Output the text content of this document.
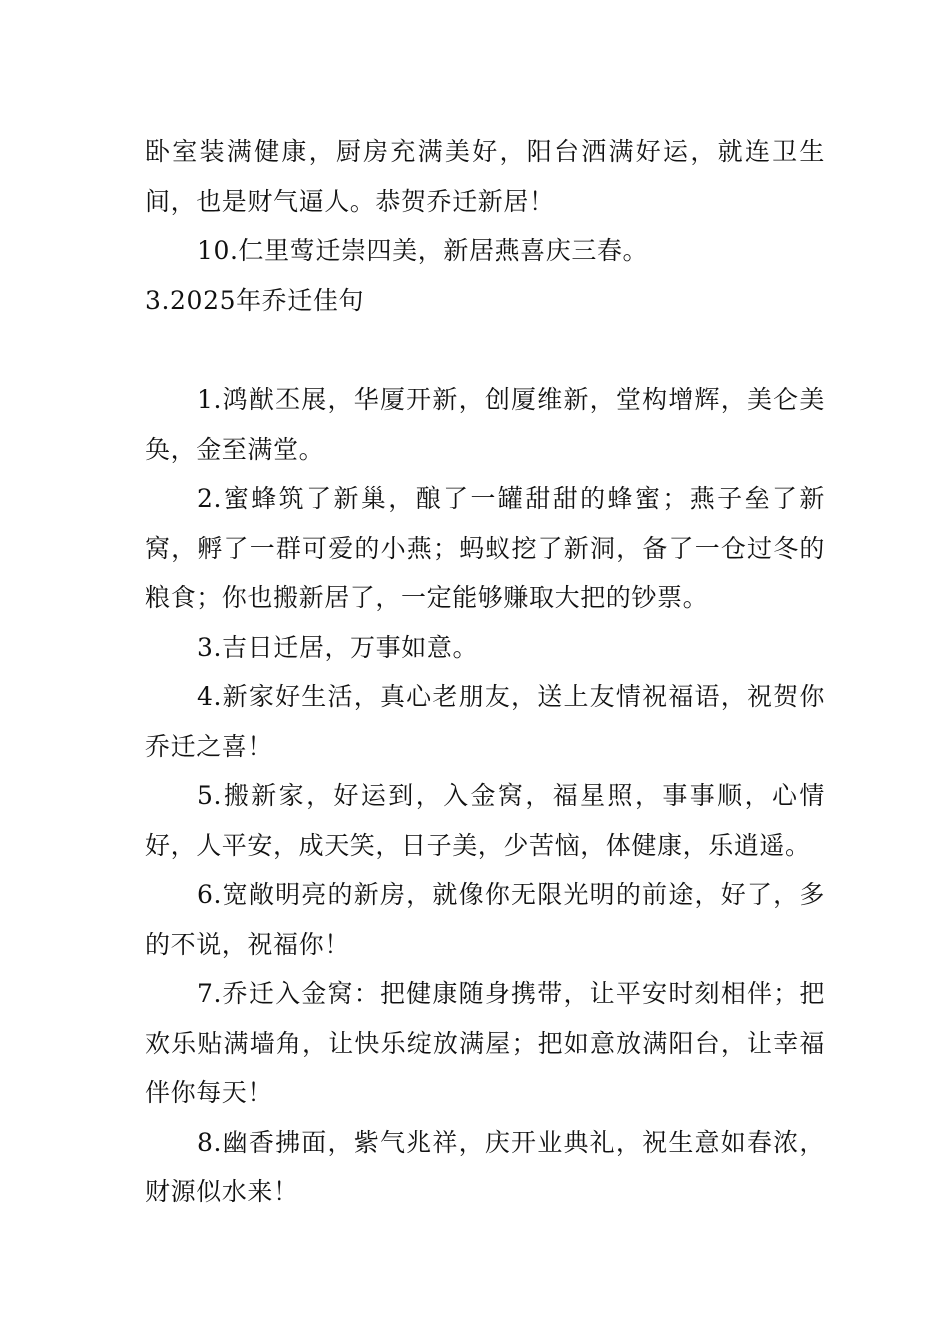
卧室装满健康，厨房充满美好，阳台洒满好运，就连卫生间，也是财气逼人。恭贺乔迁新居！

10.仁里莺迁崇四美，新居燕喜庆三春。

3.2025年乔迁佳句

1.鸿猷丕展，华厦开新，创厦维新，堂构增辉，美仑美奂，金至满堂。

2.蜜蜂筑了新巢，酿了一罐甜甜的蜂蜜；燕子垒了新窝，孵了一群可爱的小燕；蚂蚁挖了新洞，备了一仓过冬的粮食；你也搬新居了，一定能够赚取大把的钞票。

3.吉日迁居，万事如意。

4.新家好生活，真心老朋友，送上友情祝福语，祝贺你乔迁之喜！

5.搬新家，好运到，入金窝，福星照，事事顺，心情好，人平安，成天笑，日子美，少苦恼，体健康，乐逍遥。

6.宽敞明亮的新房，就像你无限光明的前途，好了，多的不说，祝福你！

7.乔迁入金窝：把健康随身携带，让平安时刻相伴；把欢乐贴满墙角，让快乐绽放满屋；把如意放满阳台，让幸福伴你每天！

8.幽香拂面，紫气兆祥，庆开业典礼，祝生意如春浓，财源似水来！
